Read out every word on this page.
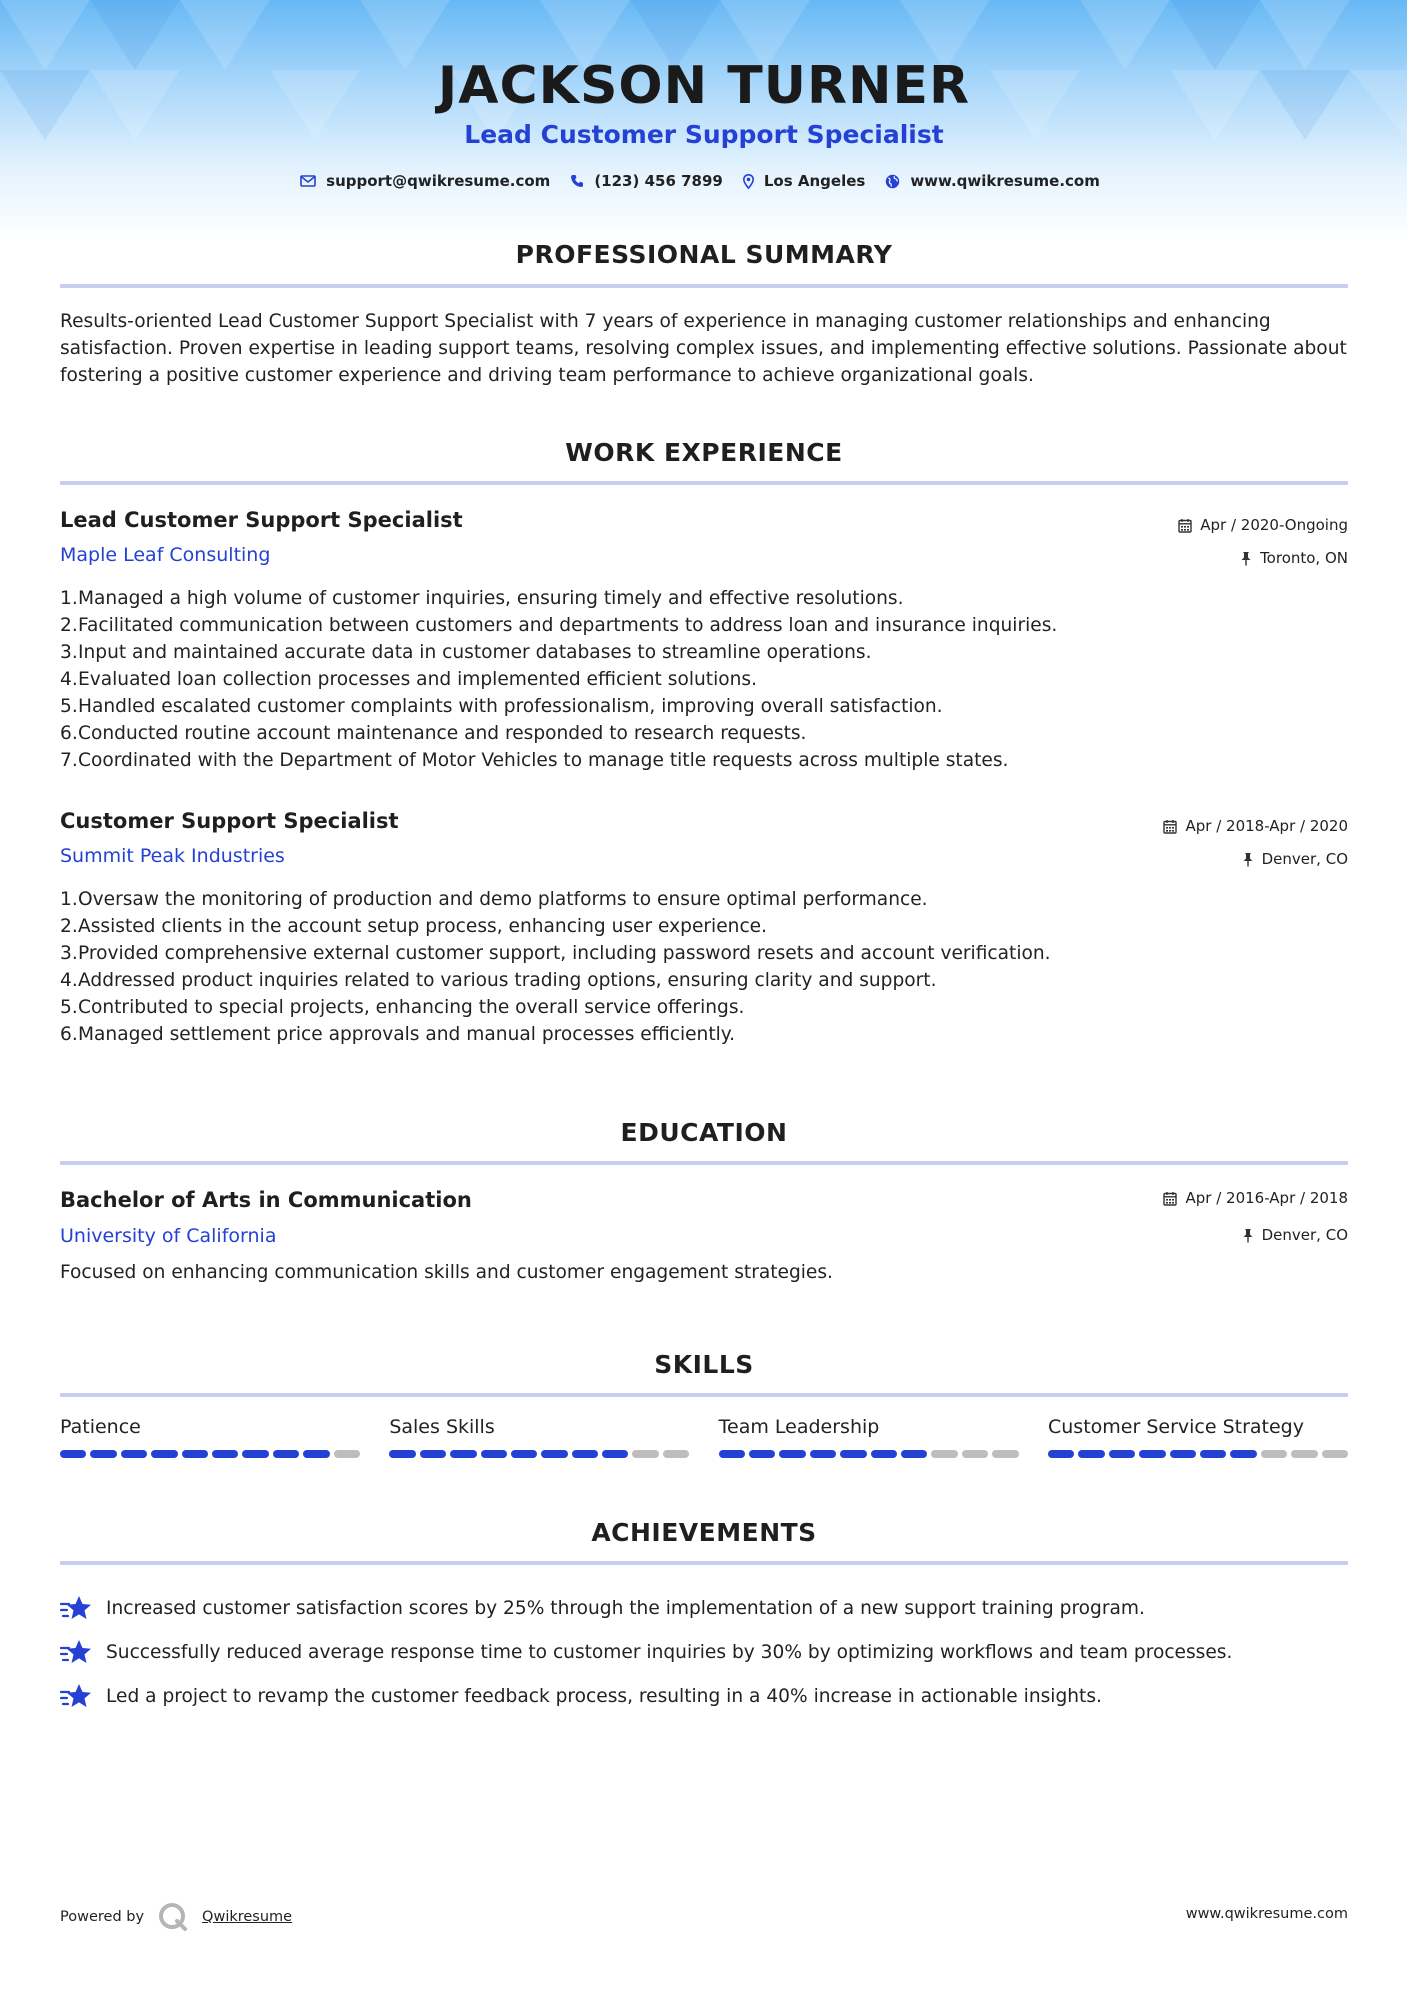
JACKSON TURNER
Lead Customer Support Specialist
support@qwikresume.com	(123) 456 7899	Los Angeles	www.qwikresume.com
PROFESSIONAL SUMMARY
Results-oriented Lead Customer Support Specialist with 7 years of experience in managing customer relationships and enhancing satisfaction. Proven expertise in leading support teams, resolving complex issues, and implementing effective solutions. Passionate about fostering a positive customer experience and driving team performance to achieve organizational goals.
WORK EXPERIENCE
Lead Customer Support Specialist
Maple Leaf Consulting
Apr / 2020-Ongoing
Toronto, ON
1. Managed a high volume of customer inquiries, ensuring timely and effective resolutions.
2. Facilitated communication between customers and departments to address loan and insurance inquiries.
3. Input and maintained accurate data in customer databases to streamline operations.
4. Evaluated loan collection processes and implemented efficient solutions.
5. Handled escalated customer complaints with professionalism, improving overall satisfaction.
6. Conducted routine account maintenance and responded to research requests.
7. Coordinated with the Department of Motor Vehicles to manage title requests across multiple states.
Customer Support Specialist
Summit Peak Industries
Apr / 2018-Apr / 2020
Denver, CO
1. Oversaw the monitoring of production and demo platforms to ensure optimal performance.
2. Assisted clients in the account setup process, enhancing user experience.
3. Provided comprehensive external customer support, including password resets and account verification.
4. Addressed product inquiries related to various trading options, ensuring clarity and support.
5. Contributed to special projects, enhancing the overall service offerings.
6. Managed settlement price approvals and manual processes efficiently.
EDUCATION
Bachelor of Arts in Communication
University of California
Apr / 2016-Apr / 2018
Denver, CO
Focused on enhancing communication skills and customer engagement strategies.
SKILLS
Patience	Sales Skills	Team Leadership	Customer Service Strategy
ACHIEVEMENTS
Increased customer satisfaction scores by 25% through the implementation of a new support training program.
Successfully reduced average response time to customer inquiries by 30% by optimizing workflows and team processes.
Led a project to revamp the customer feedback process, resulting in a 40% increase in actionable insights.
Powered by	Qwikresume	www.qwikresume.com
